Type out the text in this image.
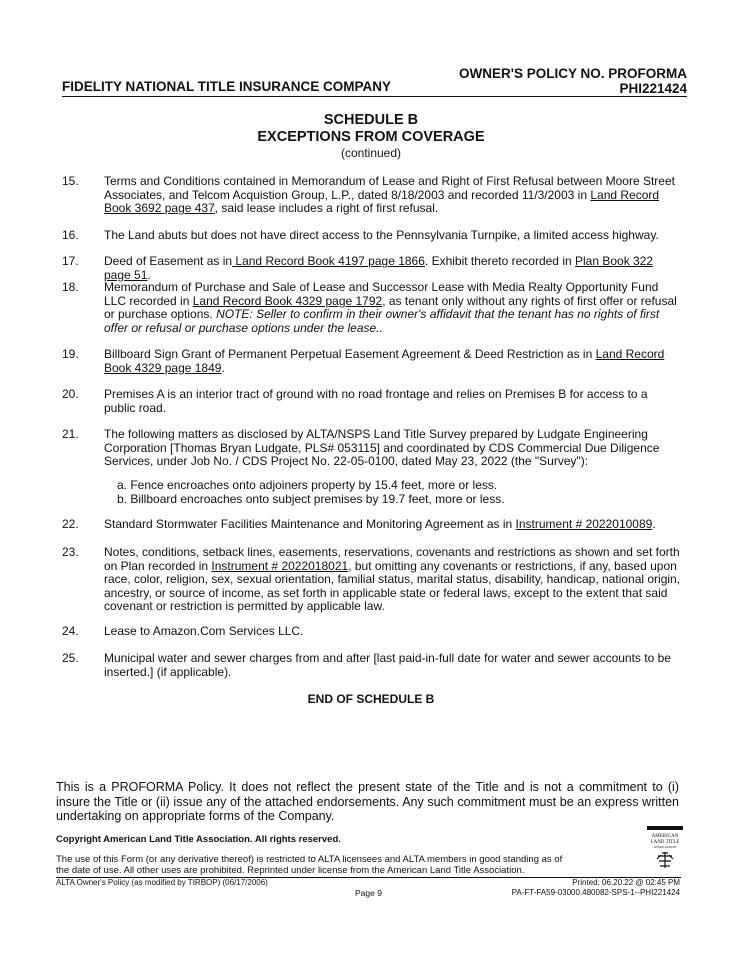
OWNER'S POLICY NO. PROFORMA
PHI221424
FIDELITY NATIONAL TITLE INSURANCE COMPANY
SCHEDULE B
EXCEPTIONS FROM COVERAGE
(continued)
15.	Terms and Conditions contained in Memorandum of Lease and Right of First Refusal between Moore Street Associates, and Telcom Acquistion Group, L.P., dated 8/18/2003 and recorded 11/3/2003 in Land Record Book 3692 page 437, said lease includes a right of first refusal.
16.	The Land abuts but does not have direct access to the Pennsylvania Turnpike, a limited access highway.
17.	Deed of Easement as in Land Record Book 4197 page 1866. Exhibit thereto recorded in Plan Book 322 page 51.
18.	Memorandum of Purchase and Sale of Lease and Successor Lease with Media Realty Opportunity Fund LLC recorded in Land Record Book 4329 page 1792, as tenant only without any rights of first offer or refusal or purchase options. NOTE: Seller to confirm in their owner's affidavit that the tenant has no rights of first offer or refusal or purchase options under the lease..
19.	Billboard Sign Grant of Permanent Perpetual Easement Agreement & Deed Restriction as in Land Record Book 4329 page 1849.
20.	Premises A is an interior tract of ground with no road frontage and relies on Premises B for access to a public road.
21.	The following matters as disclosed by ALTA/NSPS Land Title Survey prepared by Ludgate Engineering Corporation [Thomas Bryan Ludgate, PLS# 053115] and coordinated by CDS Commercial Due Diligence Services, under Job No. / CDS Project No. 22-05-0100, dated May 23, 2022 (the "Survey"):
a. Fence encroaches onto adjoiners property by 15.4 feet, more or less.
b. Billboard encroaches onto subject premises by 19.7 feet, more or less.
22.	Standard Stormwater Facilities Maintenance and Monitoring Agreement as in Instrument # 2022010089.
23.	Notes, conditions, setback lines, easements, reservations, covenants and restrictions as shown and set forth on Plan recorded in Instrument # 2022018021, but omitting any covenants or restrictions, if any, based upon race, color, religion, sex, sexual orientation, familial status, marital status, disability, handicap, national origin, ancestry, or source of income, as set forth in applicable state or federal laws, except to the extent that said covenant or restriction is permitted by applicable law.
24.	Lease to Amazon.Com Services LLC.
25.	Municipal water and sewer charges from and after [last paid-in-full date for water and sewer accounts to be inserted.] (if applicable).
END OF SCHEDULE B
This is a PROFORMA Policy. It does not reflect the present state of the Title and is not a commitment to (i) insure the Title or (ii) issue any of the attached endorsements. Any such commitment must be an express written undertaking on appropriate forms of the Company.
Copyright American Land Title Association. All rights reserved.
The use of this Form (or any derivative thereof) is restricted to ALTA licensees and ALTA members in good standing as of the date of use. All other uses are prohibited. Reprinted under license from the American Land Title Association.
AMERICAN
LAND TITLE
ASSOCIATION
ALTA Owner's Policy (as modified by TIRBOP) (06/17/2006)
Page 9
Printed: 06.20.22 @ 02:45 PM
PA-FT-FA59-03000.480082-SPS-1--PHI221424
